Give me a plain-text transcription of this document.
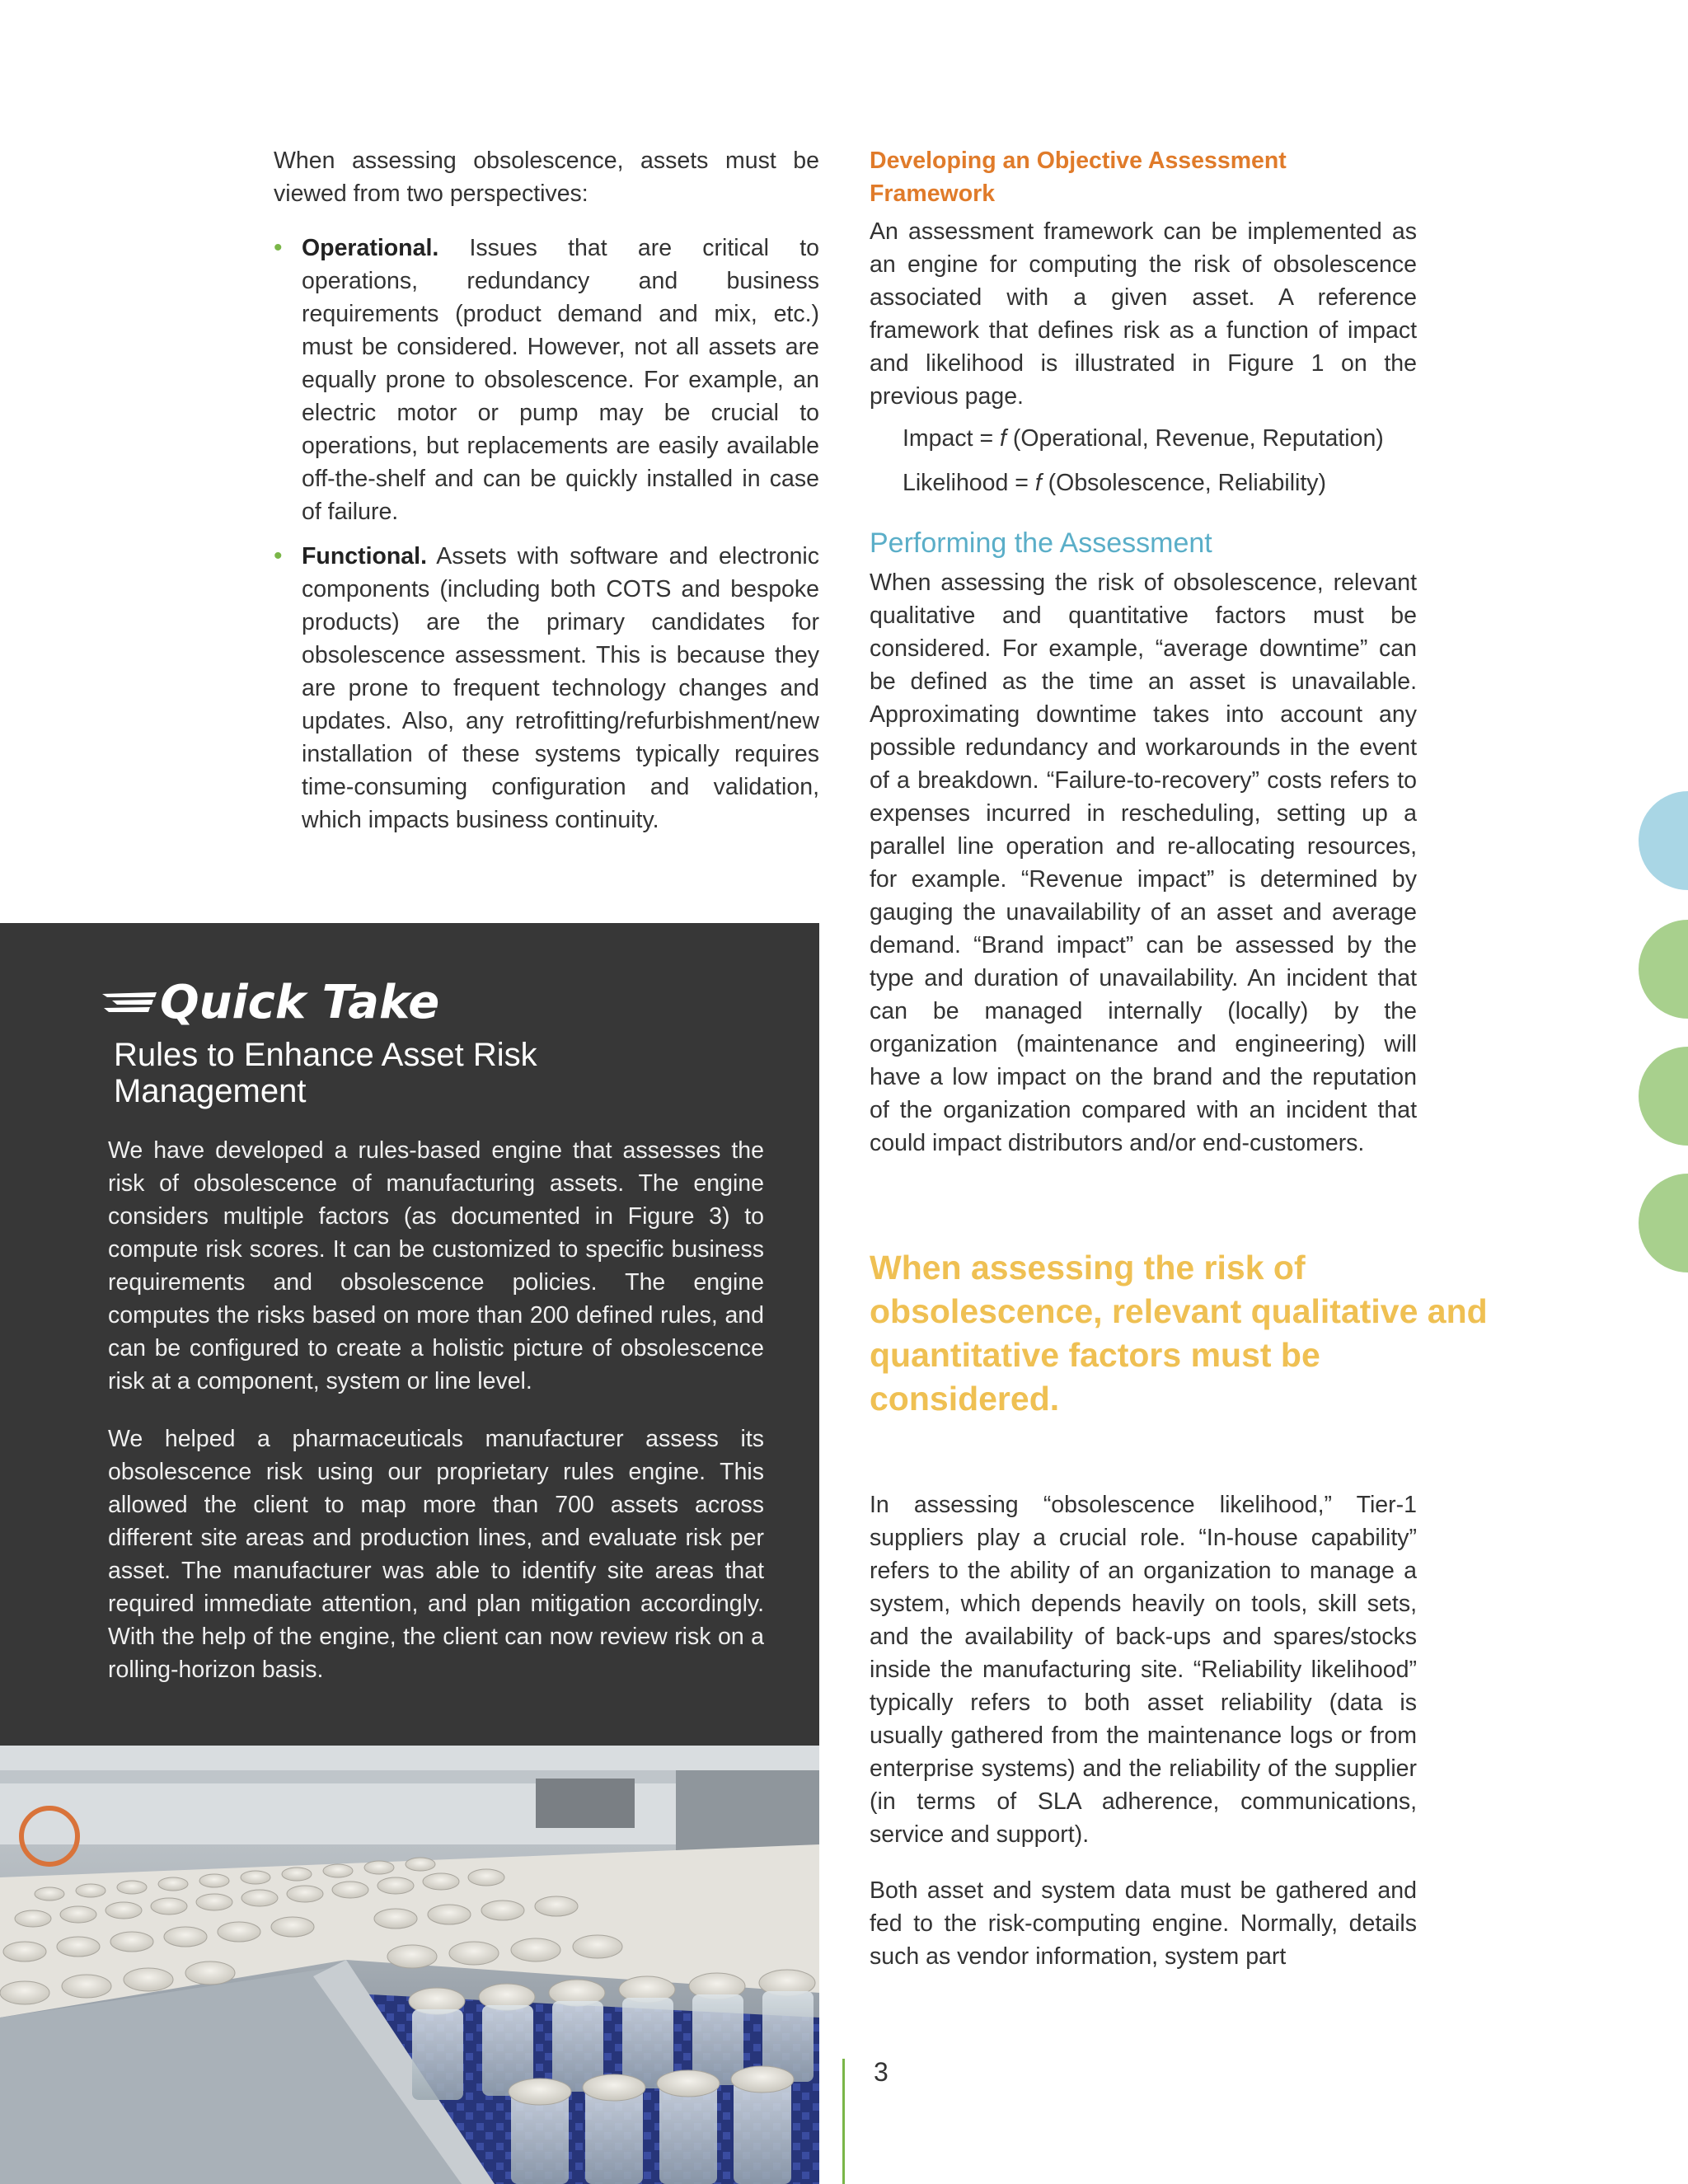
When assessing obsolescence, assets must be viewed from two perspectives:

• Operational. Issues that are critical to operations, redundancy and business requirements (product demand and mix, etc.) must be considered. However, not all assets are equally prone to obsolescence. For example, an electric motor or pump may be crucial to operations, but replacements are easily available off-the-shelf and can be quickly installed in case of failure.
• Functional. Assets with software and electronic components (including both COTS and bespoke products) are the primary candidates for obsolescence assessment. This is because they are prone to frequent technology changes and updates. Also, any retrofitting/refurbishment/new installation of these systems typically requires time-consuming configuration and validation, which impacts business continuity.
Quick Take
Rules to Enhance Asset Risk Management

We have developed a rules-based engine that assesses the risk of obsolescence of manufacturing assets. The engine considers multiple factors (as documented in Figure 3) to compute risk scores. It can be customized to specific business requirements and obsolescence policies. The engine computes the risks based on more than 200 defined rules, and can be configured to create a holistic picture of obsolescence risk at a component, system or line level.

We helped a pharmaceuticals manufacturer assess its obsolescence risk using our proprietary rules engine. This allowed the client to map more than 700 assets across different site areas and production lines, and evaluate risk per asset. The manufacturer was able to identify site areas that required immediate attention, and plan mitigation accordingly. With the help of the engine, the client can now review risk on a rolling-horizon basis.

Developing an Objective Assessment Framework

An assessment framework can be implemented as an engine for computing the risk of obsolescence associated with a given asset. A reference framework that defines risk as a function of impact and likelihood is illustrated in Figure 1 on the previous page.

Impact = f (Operational, Revenue, Reputation)

Likelihood = f (Obsolescence, Reliability)

Performing the Assessment

When assessing the risk of obsolescence, relevant qualitative and quantitative factors must be considered. For example, “average downtime” can be defined as the time an asset is unavailable. Approximating downtime takes into account any possible redundancy and workarounds in the event of a breakdown. “Failure-to-recovery” costs refers to expenses incurred in rescheduling, setting up a parallel line operation and re-allocating resources, for example. “Revenue impact” is determined by gauging the unavailability of an asset and average demand. “Brand impact” can be assessed by the type and duration of unavailability. An incident that can be managed internally (locally) by the organization (maintenance and engineering) will have a low impact on the brand and the reputation of the organization compared with an incident that could impact distributors and/or end-customers.

When assessing the risk of obsolescence, relevant qualitative and quantitative factors must be considered.

In assessing “obsolescence likelihood,” Tier-1 suppliers play a crucial role. “In-house capability” refers to the ability of an organization to manage a system, which depends heavily on tools, skill sets, and the availability of back-ups and spares/stocks inside the manufacturing site. “Reliability likelihood” typically refers to both asset reliability (data is usually gathered from the maintenance logs or from enterprise systems) and the reliability of the supplier (in terms of SLA adherence, communications, service and support).

Both asset and system data must be gathered and fed to the risk-computing engine. Normally, details such as vendor information, system part

3
